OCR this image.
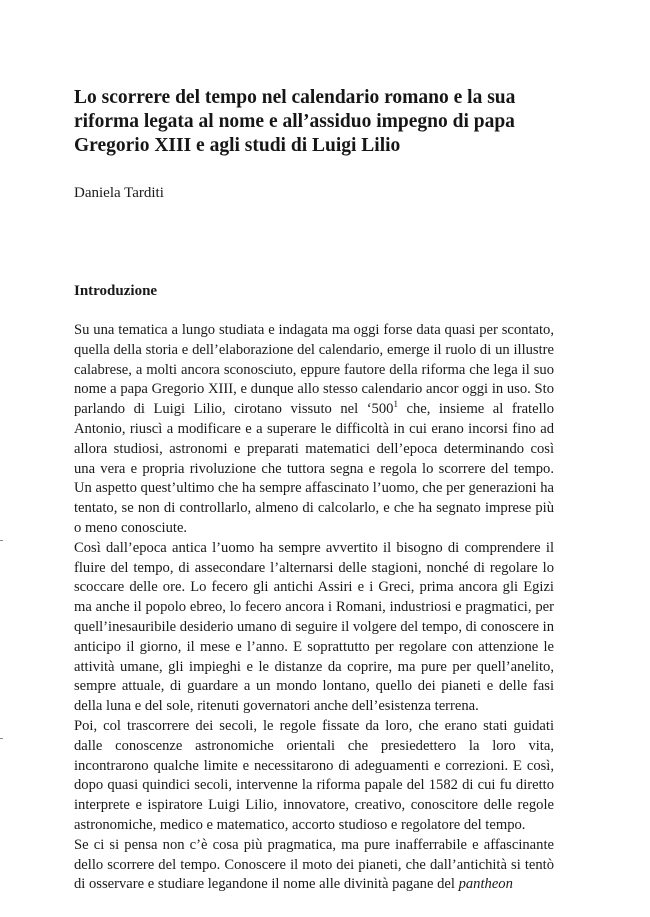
Lo scorrere del tempo nel calendario romano e la sua riforma legata al nome e all’assiduo impegno di papa Gregorio XIII e agli studi di Luigi Lilio
Daniela Tarditi
Introduzione

Su una tematica a lungo studiata e indagata ma oggi forse data quasi per scontato, quella della storia e dell’elaborazione del calendario, emerge il ruolo di un illustre calabrese, a molti ancora sconosciuto, eppure fautore della riforma che lega il suo nome a papa Gregorio XIII, e dunque allo stesso calendario ancor oggi in uso. Sto parlando di Luigi Lilio, cirotano vissuto nel ‘$500^1$ che, insieme al fratello Antonio, riuscì a modificare e a superare le difficoltà in cui erano incorsi fino ad allora studiosi, astronomi e preparati matematici dell’epoca determinando così una vera e propria rivoluzione che tuttora segna e regola lo scorrere del tempo. Un aspetto quest’ultimo che ha sempre affascinato l’uomo, che per generazioni ha tentato, se non di controllarlo, almeno di calcolarlo, e che ha segnato imprese più o meno conosciute.

Così dall’epoca antica l’uomo ha sempre avvertito il bisogno di comprendere il fluire del tempo, di assecondare l’alternarsi delle stagioni, nonché di regolare lo scoccare delle ore. Lo fecero gli antichi Assiri e i Greci, prima ancora gli Egizi ma anche il popolo ebreo, lo fecero ancora i Romani, industriosi e pragmatici, per quell’inesauribile desiderio umano di seguire il volgere del tempo, di conoscere in anticipo il giorno, il mese e l’anno. E soprattutto per regolare con attenzione le attività umane, gli impieghi e le distanze da coprire, ma pure per quell’anelito, sempre attuale, di guardare a un mondo lontano, quello dei pianeti e delle fasi della luna e del sole, ritenuti governatori anche dell’esistenza terrena.

Poi, col trascorrere dei secoli, le regole fissate da loro, che erano stati guidati dalle conoscenze astronomiche orientali che presiedettero la loro vita, incontrarono qualche limite e necessitarono di adeguamenti e correzioni. E così, dopo quasi quindici secoli, intervenne la riforma papale del 1582 di cui fu diretto interprete e ispiratore Luigi Lilio, innovatore, creativo, conoscitore delle regole astronomiche, medico e matematico, accorto studioso e regolatore del tempo.

Se ci si pensa non c’è cosa più pragmatica, ma pure inafferrabile e affascinante dello scorrere del tempo. Conoscere il moto dei pianeti, che dall’antichità si tentò di osservare e studiare legandone il nome alle divinità pagane del pantheon
